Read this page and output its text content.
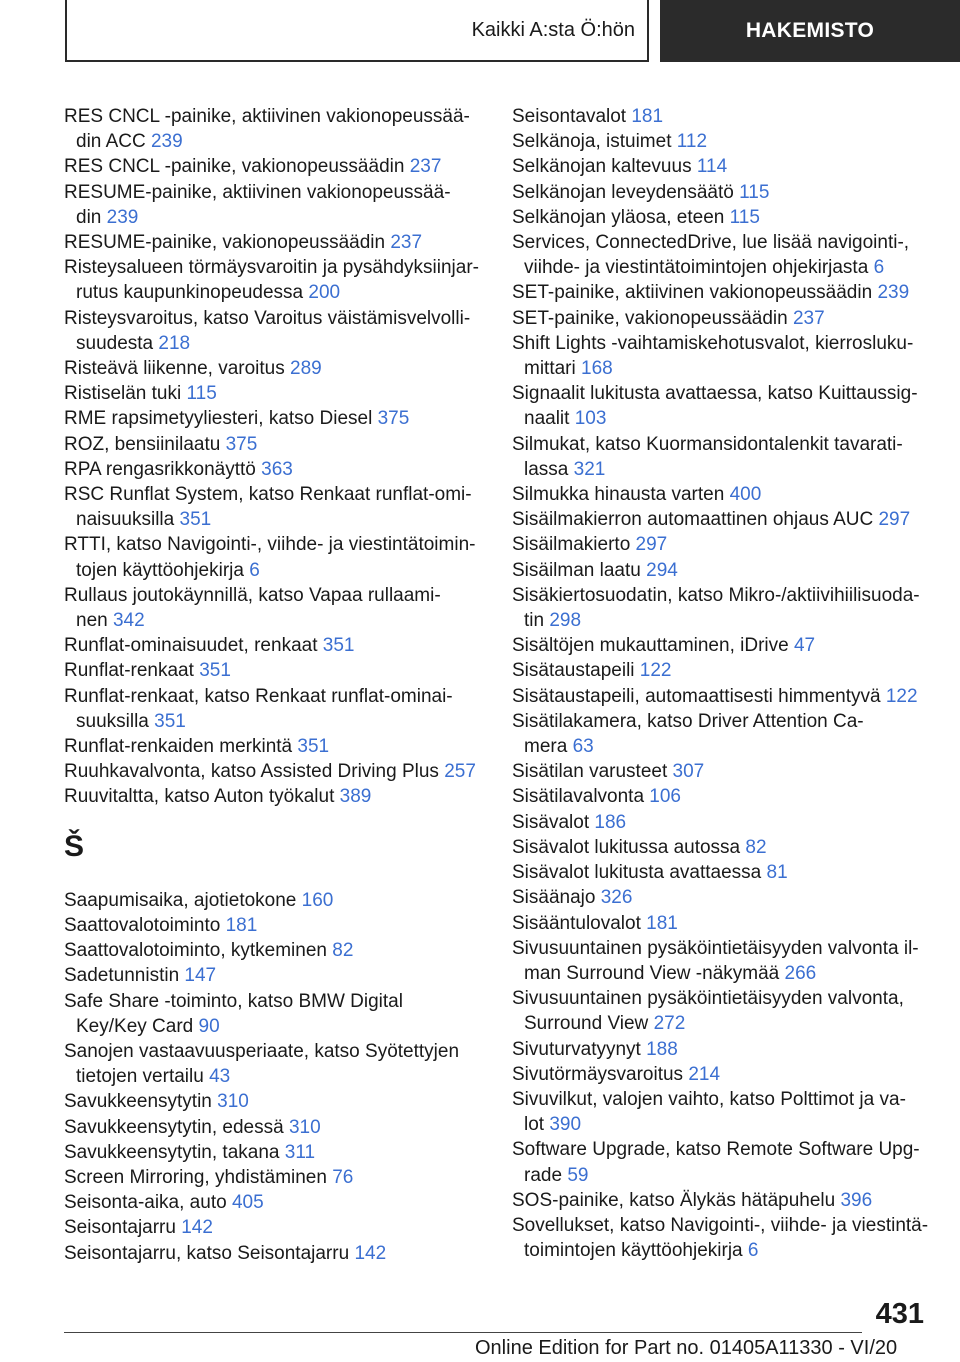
Kaikki A:sta Ö:hön	HAKEMISTO
RES CNCL -painike, aktiivinen vakionopeussää-
din ACC 239
RES CNCL -painike, vakionopeussäädin 237
RESUME-painike, aktiivinen vakionopeussää-
din 239
RESUME-painike, vakionopeussäädin 237
Risteysalueen törmäysvaroitin ja pysähdyksiinjar-
rutus kaupunkinopeudessa 200
Risteysvaroitus, katso Varoitus väistämisvelvolli-
suudesta 218
Risteävä liikenne, varoitus 289
Ristiselän tuki 115
RME rapsimetyyliesteri, katso Diesel 375
ROZ, bensiinilaatu 375
RPA rengasrikkonäyttö 363
RSC Runflat System, katso Renkaat runflat-omi-
naisuuksilla 351
RTTI, katso Navigointi-, viihde- ja viestintätoimin-
tojen käyttöohjekirja 6
Rullaus joutokäynnillä, katso Vapaa rullaami-
nen 342
Runflat-ominaisuudet, renkaat 351
Runflat-renkaat 351
Runflat-renkaat, katso Renkaat runflat-ominai-
suuksilla 351
Runflat-renkaiden merkintä 351
Ruuhkavalvonta, katso Assisted Driving Plus 257
Ruuvitaltta, katso Auton työkalut 389
Š
Saapumisaika, ajotietokone 160
Saattovalotoiminto 181
Saattovalotoiminto, kytkeminen 82
Sadetunnistin 147
Safe Share -toiminto, katso BMW Digital
Key/Key Card 90
Sanojen vastaavuusperiaate, katso Syötettyjen
tietojen vertailu 43
Savukkeensytytin 310
Savukkeensytytin, edessä 310
Savukkeensytytin, takana 311
Screen Mirroring, yhdistäminen 76
Seisonta-aika, auto 405
Seisontajarru 142
Seisontajarru, katso Seisontajarru 142
Seisontavalot 181
Selkänoja, istuimet 112
Selkänojan kaltevuus 114
Selkänojan leveydensäätö 115
Selkänojan yläosa, eteen 115
Services, ConnectedDrive, lue lisää navigointi-,
viihde- ja viestintätoimintojen ohjekirjasta 6
SET-painike, aktiivinen vakionopeussäädin 239
SET-painike, vakionopeussäädin 237
Shift Lights -vaihtamiskehotusvalot, kierrosluku-
mittari 168
Signaalit lukitusta avattaessa, katso Kuittaussig-
naalit 103
Silmukat, katso Kuormansidontalenkit tavarati-
lassa 321
Silmukka hinausta varten 400
Sisäilmakierron automaattinen ohjaus AUC 297
Sisäilmakierto 297
Sisäilman laatu 294
Sisäkiertosuodatin, katso Mikro-/aktiivihiilisuoda-
tin 298
Sisältöjen mukauttaminen, iDrive 47
Sisätaustapeili 122
Sisätaustapeili, automaattisesti himmentyvä 122
Sisätilakamera, katso Driver Attention Ca-
mera 63
Sisätilan varusteet 307
Sisätilavalvonta 106
Sisävalot 186
Sisävalot lukitussa autossa 82
Sisävalot lukitusta avattaessa 81
Sisäänajo 326
Sisääntulovalot 181
Sivusuuntainen pysäköintietäisyyden valvonta il-
man Surround View -näkymää 266
Sivusuuntainen pysäköintietäisyyden valvonta,
Surround View 272
Sivuturvatyynyt 188
Sivutörmäysvaroitus 214
Sivuvilkut, valojen vaihto, katso Polttimot ja va-
lot 390
Software Upgrade, katso Remote Software Upg-
rade 59
SOS-painike, katso Älykäs hätäpuhelu 396
Sovellukset, katso Navigointi-, viihde- ja viestintä-
toimintojen käyttöohjekirja 6
431
Online Edition for Part no. 01405A11330 - VI/20
